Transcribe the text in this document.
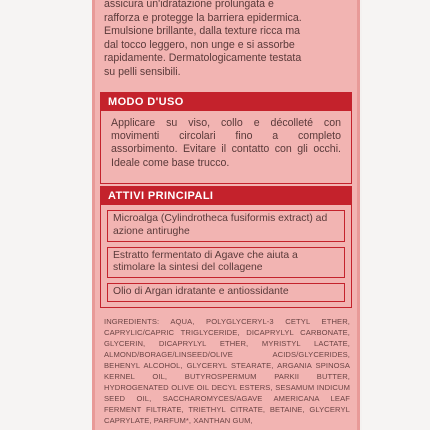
assicura un'idratazione prolungata e

rafforza e protegge la barriera epidermica.

Emulsione brillante, dalla texture ricca ma

dal tocco leggero, non unge e si assorbe

rapidamente. Dermatologicamente testata

su pelli sensibili.

MODO D'USO
Applicare su viso, collo e décolleté con movimenti circolari fino a completo assorbimento. Evitare il contatto con gli occhi. Ideale come base trucco.
ATTIVI PRINCIPALI
Microalga (Cylindrotheca fusiformis extract) ad azione antirughe
Estratto fermentato di Agave che aiuta a stimolare la sintesi del collagene
Olio di Argan idratante e antiossidante
INGREDIENTS: AQUA, POLYGLYCERYL-3 CETYL ETHER, CAPRYLIC/CAPRIC TRIGLYCERIDE, DICAPRYLYL CARBONATE, GLYCERIN, DICAPRYLYL ETHER, MYRISTYL LACTATE, ALMOND/BORAGE/LINSEED/OLIVE ACIDS/GLYCERIDES, BEHENYL ALCOHOL, GLYCERYL STEARATE, ARGANIA SPINOSA KERNEL OIL, BUTYROSPERMUM PARKII BUTTER, HYDROGENATED OLIVE OIL DECYL ESTERS, SESAMUM INDICUM SEED OIL, SACCHAROMYCES/AGAVE AMERICANA LEAF FERMENT FILTRATE, TRIETHYL CITRATE, BETAINE, GLYCERYL CAPRYLATE, PARFUM*, XANTHAN GUM,
